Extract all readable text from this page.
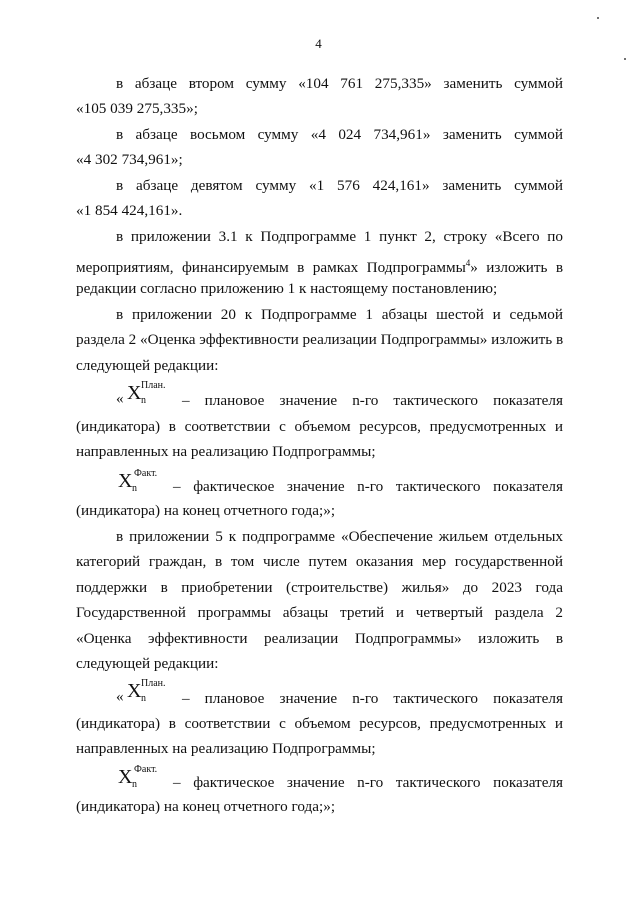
4
в абзаце втором сумму «104 761 275,335» заменить суммой
«105 039 275,335»;
в абзаце восьмом сумму «4 024 734,961» заменить суммой
«4 302 734,961»;
в абзаце девятом сумму «1 576 424,161» заменить суммой
«1 854 424,161».
в приложении 3.1 к Подпрограмме 1 пункт 2, строку «Всего по
мероприятиям, финансируемым в рамках Подпрограммы$^4$» изложить в
редакции согласно приложению 1 к настоящему постановлению;
в приложении 20 к Подпрограмме 1 абзацы шестой и седьмой
раздела 2 «Оценка эффективности реализации Подпрограммы» изложить в
следующей редакции:
« X n
План.
– плановое значение n-го тактического показателя
(индикатора) в соответствии с объемом ресурсов, предусмотренных и
направленных на реализацию Подпрограммы;
X n
Факт.
– фактическое значение n-го тактического показателя
(индикатора) на конец отчетного года;»;
в приложении 5 к подпрограмме «Обеспечение жильем отдельных
категорий граждан, в том числе путем оказания мер государственной
поддержки в приобретении (строительстве) жилья» до 2023 года
Государственной программы абзацы третий и четвертый раздела 2
«Оценка эффективности реализации Подпрограммы» изложить в
следующей редакции:
« X n
План.
– плановое значение n-го тактического показателя
(индикатора) в соответствии с объемом ресурсов, предусмотренных и
направленных на реализацию Подпрограммы;
X n
Факт.
– фактическое значение n-го тактического показателя
(индикатора) на конец отчетного года;»;
